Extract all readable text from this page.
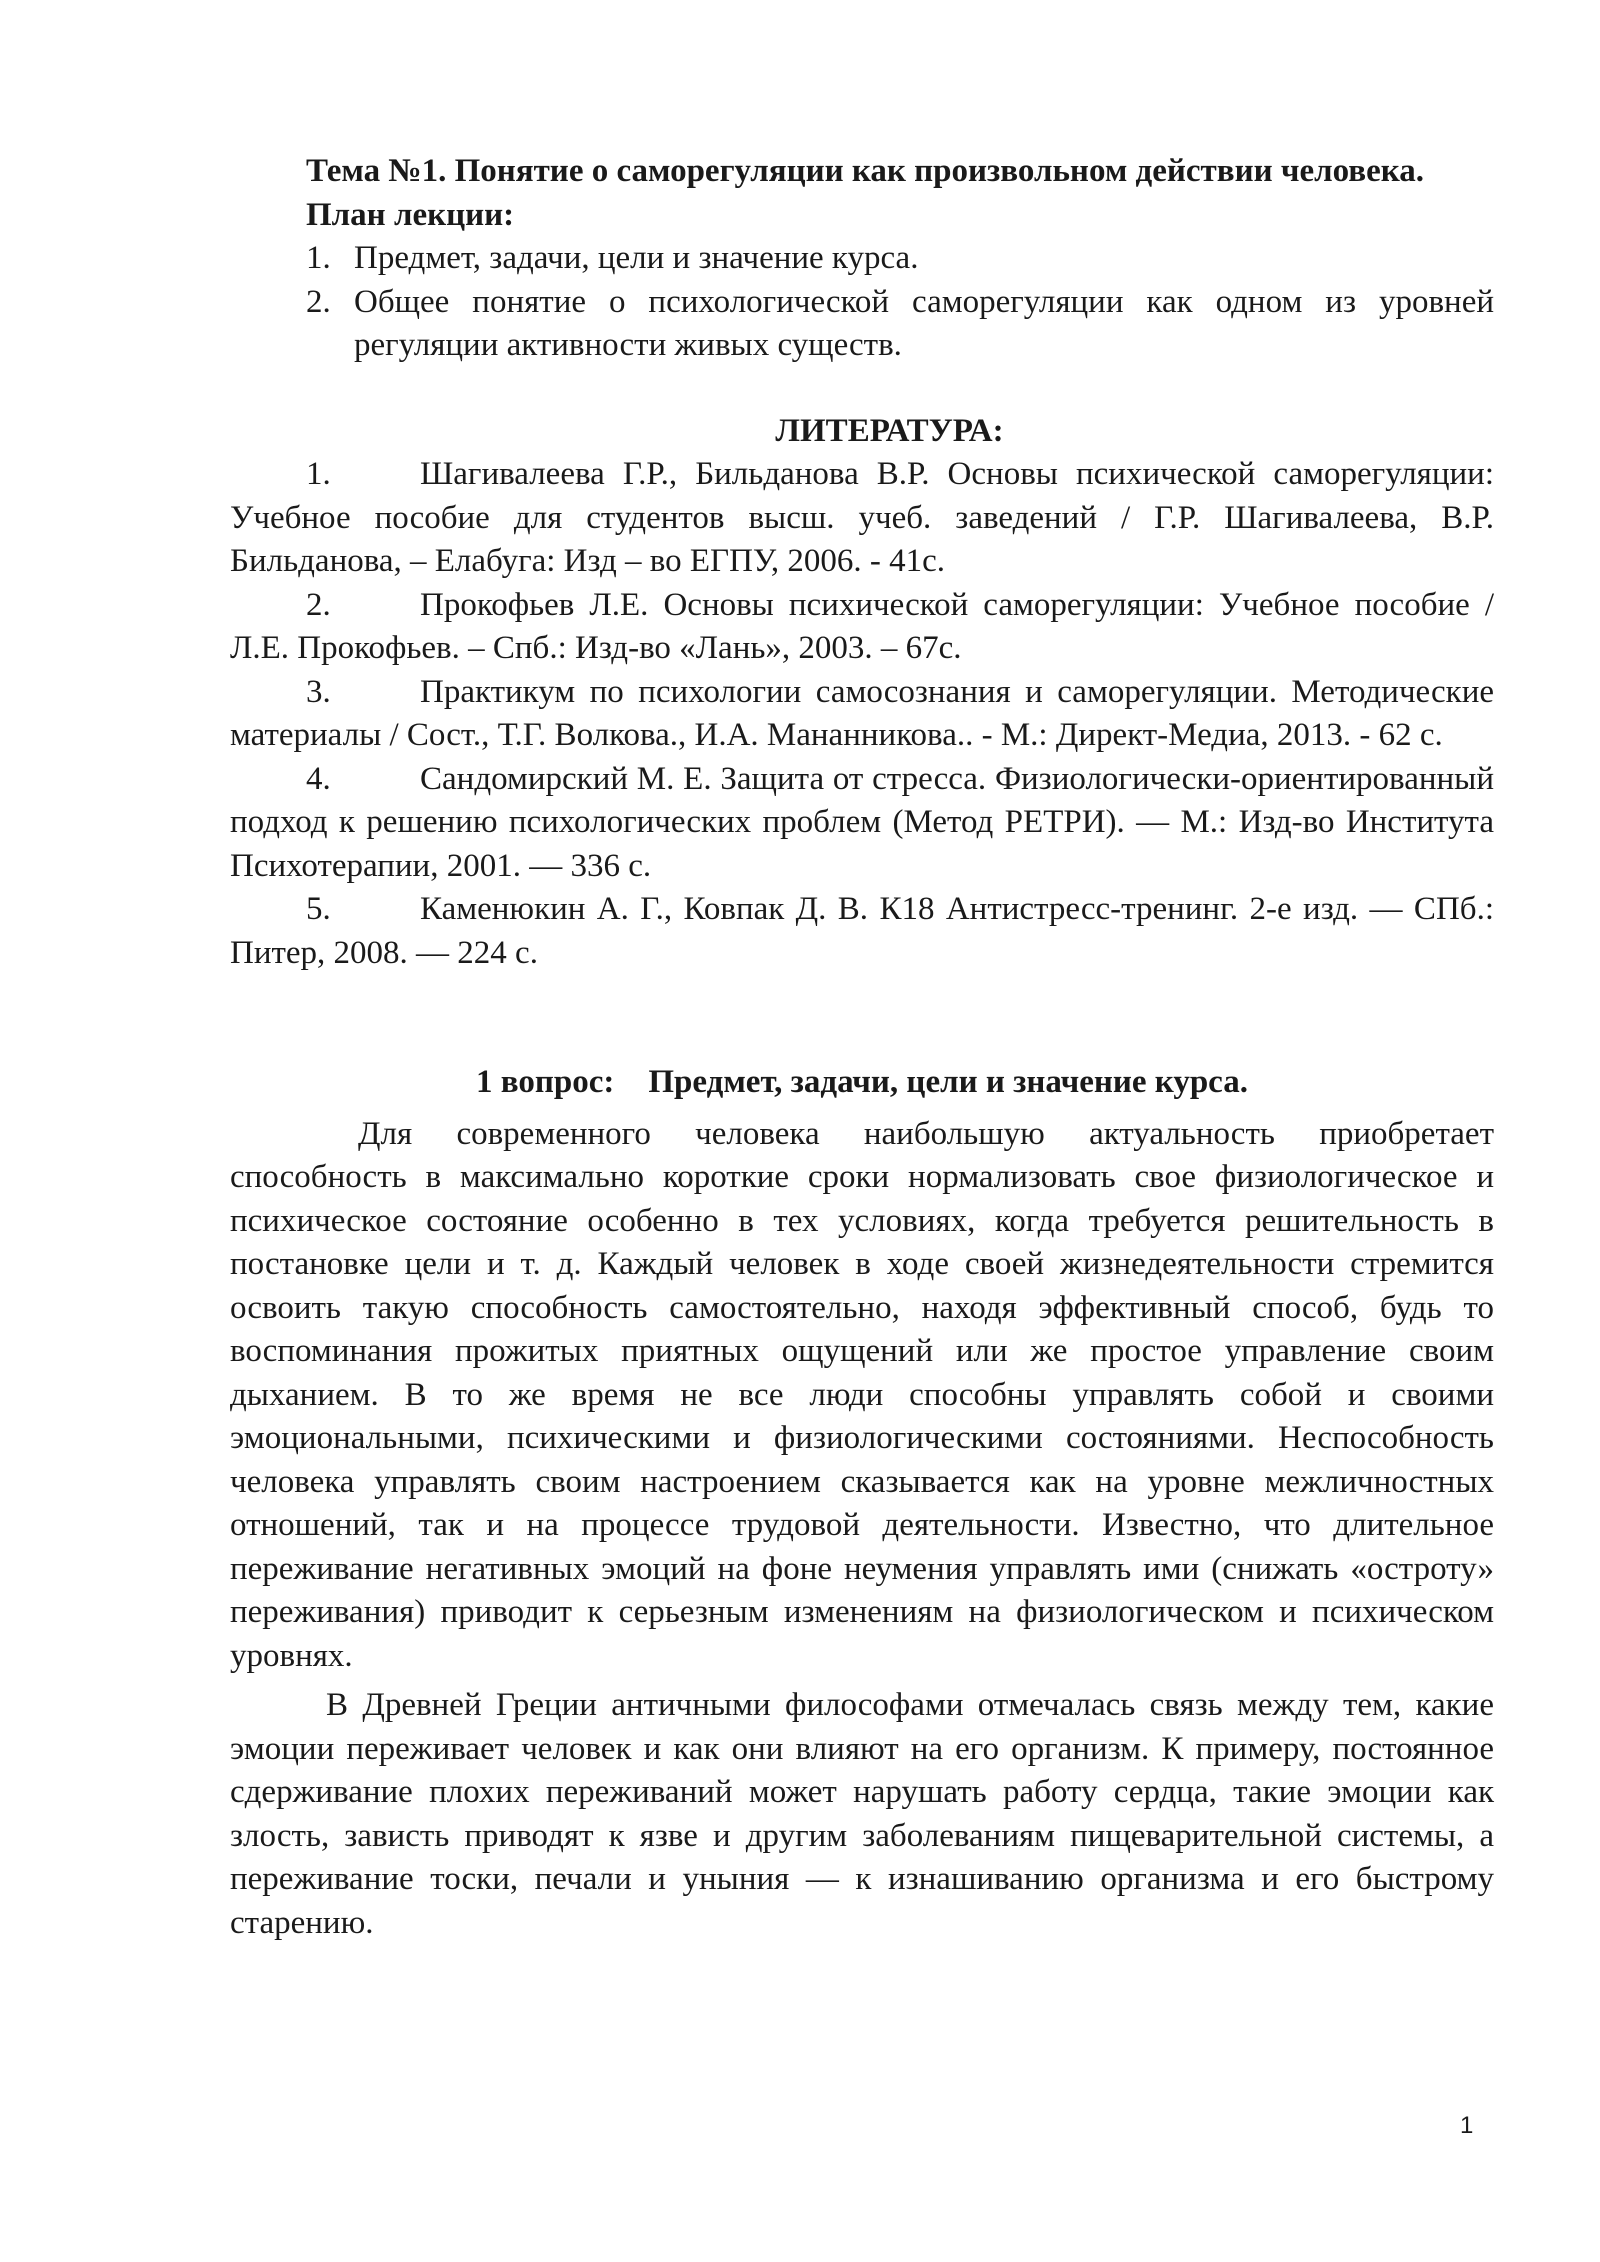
Тема №1. Понятие о саморегуляции как произвольном действии человека.

План лекции:

1. Предмет, задачи, цели и значение курса.
2. Общее понятие о психологической саморегуляции как одном из уровней регуляции активности живых существ.

ЛИТЕРАТУРА:

1.	Шагивалеева Г.Р., Бильданова В.Р. Основы психической саморегуляции: Учебное пособие для студентов высш. учеб. заведений / Г.Р. Шагивалеева, В.Р. Бильданова, – Елабуга: Изд – во ЕГПУ, 2006. - 41с.
2.	Прокофьев Л.Е. Основы психической саморегуляции: Учебное пособие /Л.Е. Прокофьев. – Спб.: Изд-во «Лань», 2003. – 67с.
3.	Практикум по психологии самосознания и саморегуляции. Методические материалы / Сост., Т.Г. Волкова., И.А. Мананникова.. - М.: Директ-Медиа, 2013. - 62 с.
4.	Сандомирский М. Е. Защита от стресса. Физиологически-ориентированный подход к решению психологических проблем (Метод РЕТРИ). — М.: Изд-во Института Психотерапии, 2001. — 336 с.
5.	Каменюкин А. Г., Ковпак Д. В. К18 Антистресс-тренинг. 2-е изд. — СПб.: Питер, 2008. — 224 с.

1 вопрос: Предмет, задачи, цели и значение курса.

Для современного человека наибольшую актуальность приобретает способность в максимально короткие сроки нормализовать свое физиологическое и психическое состояние особенно в тех условиях, когда требуется решительность в постановке цели и т. д. Каждый человек в ходе своей жизнедеятельности стремится освоить такую способность самостоятельно, находя эффективный способ, будь то воспоминания прожитых приятных ощущений или же простое управление своим дыханием. В то же время не все люди способны управлять собой и своими эмоциональными, психическими и физиологическими состояниями. Неспособность человека управлять своим настроением сказывается как на уровне межличностных отношений, так и на процессе трудовой деятельности. Известно, что длительное переживание негативных эмоций на фоне неумения управлять ими (снижать «остроту» переживания) приводит к серьезным изменениям на физиологическом и психическом уровнях.

В Древней Греции античными философами отмечалась связь между тем, какие эмоции переживает человек и как они влияют на его организм. К примеру, постоянное сдерживание плохих переживаний может нарушать работу сердца, такие эмоции как злость, зависть приводят к язве и другим заболеваниям пищеварительной системы, а переживание тоски, печали и уныния — к изнашиванию организма и его быстрому старению.

1
